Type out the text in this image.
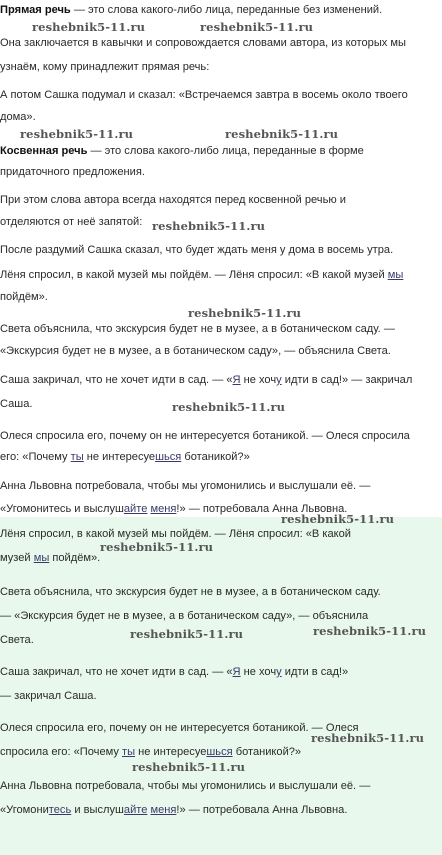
Прямая речь — это слова какого-либо лица, переданные без изменений.
Она заключается в кавычки и сопровождается словами автора, из которых мы
узнаём, кому принадлежит прямая речь:
А потом Сашка подумал и сказал: «Встречаемся завтра в восемь около твоего
дома».
Косвенная речь — это слова какого-либо лица, переданные в форме
придаточного предложения.
При этом слова автора всегда находятся перед косвенной речью и
отделяются от неё запятой:
После раздумий Сашка сказал, что будет ждать меня у дома в восемь утра.
Лёня спросил, в какой музей мы пойдём. — Лёня спросил: «В какой музей мы
пойдём».
Света объяснила, что экскурсия будет не в музее, а в ботаническом саду. —
«Экскурсия будет не в музее, а в ботаническом саду», — объяснила Света.
Саша закричал, что не хочет идти в сад. — «Я не хочу идти в сад!» — закричал
Саша.
Олеся спросила его, почему он не интересуется ботаникой. — Олеся спросила
его: «Почему ты не интересуешься ботаникой?»
Анна Львовна потребовала, чтобы мы угомонились и выслушали её. —
«Угомонитесь и выслушайте меня!» — потребовала Анна Львовна.
Лёня спросил, в какой музей мы пойдём. — Лёня спросил: «В какой
музей мы пойдём».
Света объяснила, что экскурсия будет не в музее, а в ботаническом саду.
— «Экскурсия будет не в музее, а в ботаническом саду», — объяснила
Света.
Саша закричал, что не хочет идти в сад. — «Я не хочу идти в сад!»
— закричал Саша.
Олеся спросила его, почему он не интересуется ботаникой. — Олеся
спросила его: «Почему ты не интересуешься ботаникой?»
Анна Львовна потребовала, чтобы мы угомонились и выслушали её. —
«Угомонитесь и выслушайте меня!» — потребовала Анна Львовна.
reshebnik5-11.ru	reshebnik5-11.ru
reshebnik5-11.ru	reshebnik5-11.ru
reshebnik5-11.ru
reshebnik5-11.ru
reshebnik5-11.ru
reshebnik5-11.ru
reshebnik5-11.ru
reshebnik5-11.ru	reshebnik5-11.ru
reshebnik5-11.ru
reshebnik5-11.ru
